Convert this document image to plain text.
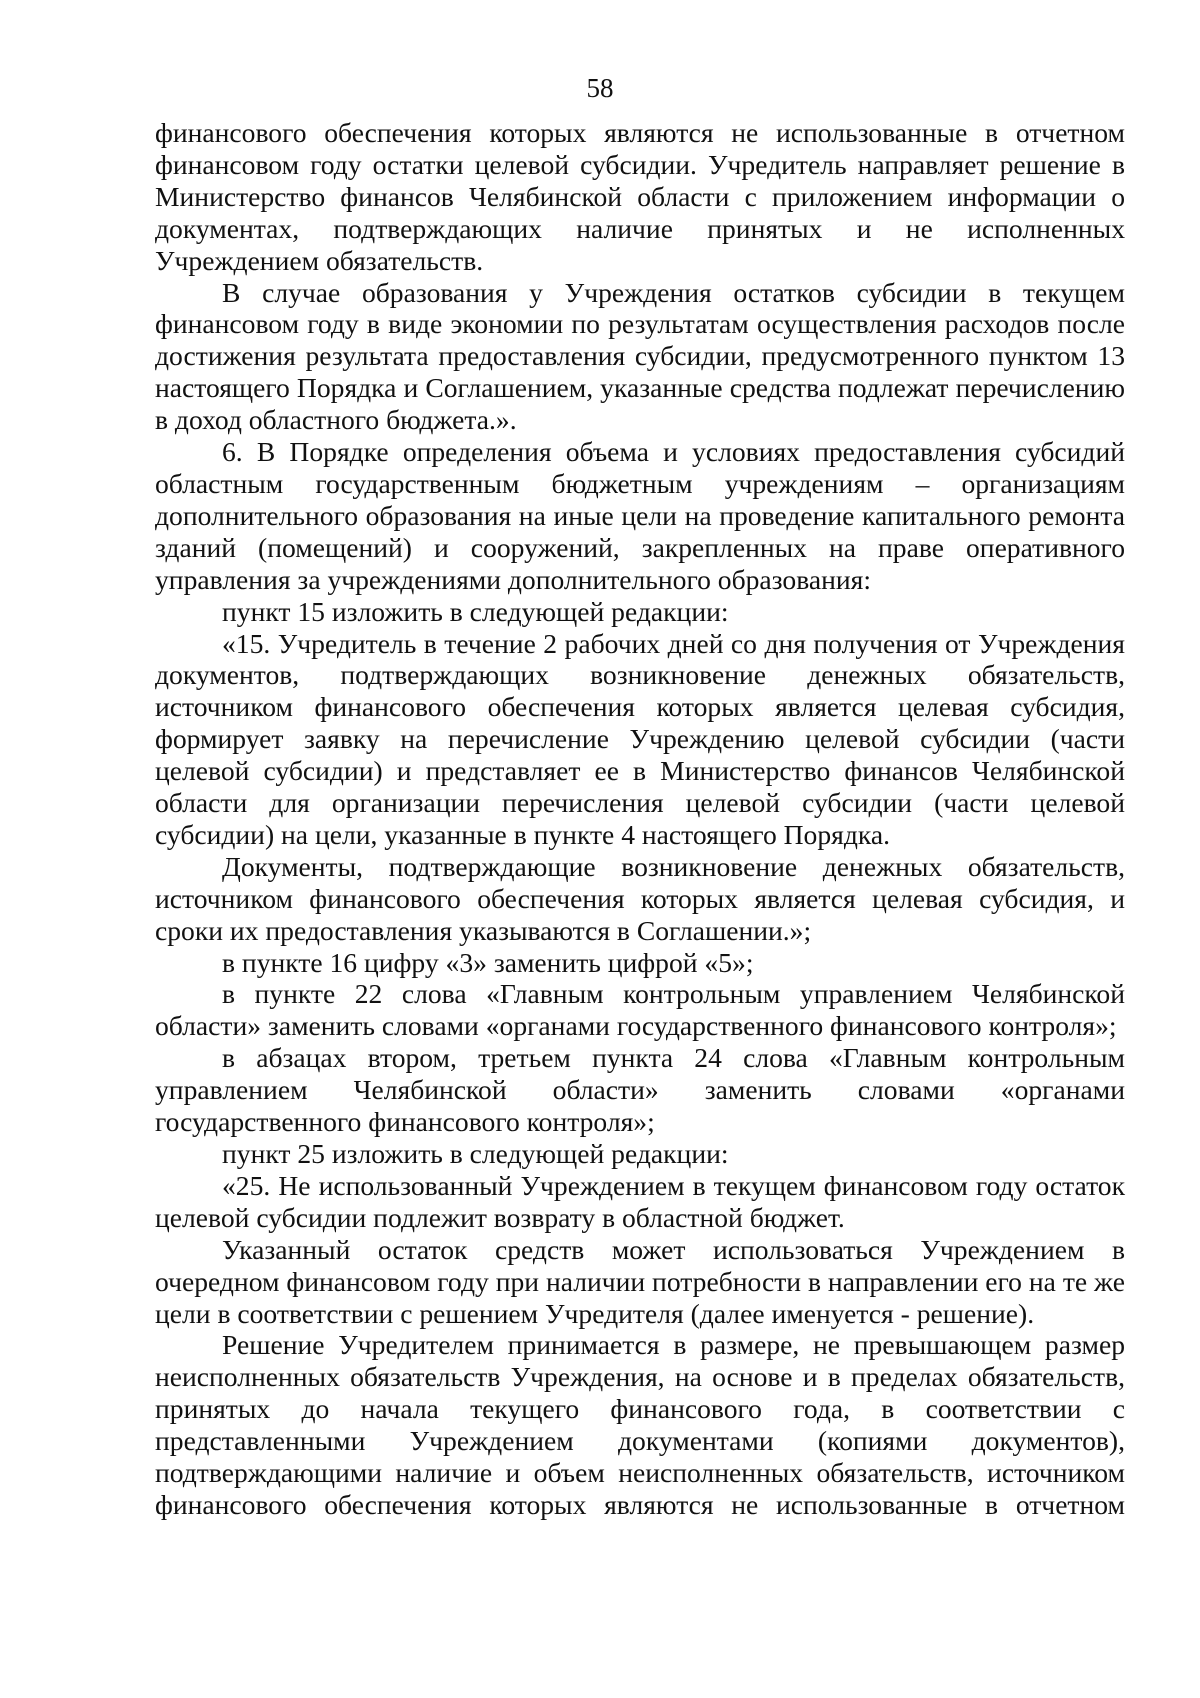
58

финансового обеспечения которых являются не использованные в отчетном финансовом году остатки целевой субсидии. Учредитель направляет решение в Министерство финансов Челябинской области с приложением информации о документах, подтверждающих наличие принятых и не исполненных Учреждением обязательств.

В случае образования у Учреждения остатков субсидии в текущем финансовом году в виде экономии по результатам осуществления расходов после достижения результата предоставления субсидии, предусмотренного пунктом 13 настоящего Порядка и Соглашением, указанные средства подлежат перечислению в доход областного бюджета.».

6. В Порядке определения объема и условиях предоставления субсидий областным государственным бюджетным учреждениям – организациям дополнительного образования на иные цели на проведение капитального ремонта зданий (помещений) и сооружений, закрепленных на праве оперативного управления за учреждениями дополнительного образования:

пункт 15 изложить в следующей редакции:

«15. Учредитель в течение 2 рабочих дней со дня получения от Учреждения документов, подтверждающих возникновение денежных обязательств, источником финансового обеспечения которых является целевая субсидия, формирует заявку на перечисление Учреждению целевой субсидии (части целевой субсидии) и представляет ее в Министерство финансов Челябинской области для организации перечисления целевой субсидии (части целевой субсидии) на цели, указанные в пункте 4 настоящего Порядка.

Документы, подтверждающие возникновение денежных обязательств, источником финансового обеспечения которых является целевая субсидия, и сроки их предоставления указываются в Соглашении.»;

в пункте 16 цифру «3» заменить цифрой «5»;

в пункте 22 слова «Главным контрольным управлением Челябинской области» заменить словами «органами государственного финансового контроля»;

в абзацах втором, третьем пункта 24 слова «Главным контрольным управлением Челябинской области» заменить словами «органами государственного финансового контроля»;

пункт 25 изложить в следующей редакции:

«25. Не использованный Учреждением в текущем финансовом году остаток целевой субсидии подлежит возврату в областной бюджет.

Указанный остаток средств может использоваться Учреждением в очередном финансовом году при наличии потребности в направлении его на те же цели в соответствии с решением Учредителя (далее именуется - решение).

Решение Учредителем принимается в размере, не превышающем размер неисполненных обязательств Учреждения, на основе и в пределах обязательств, принятых до начала текущего финансового года, в соответствии с представленными Учреждением документами (копиями документов), подтверждающими наличие и объем неисполненных обязательств, источником финансового обеспечения которых являются не использованные в отчетном
